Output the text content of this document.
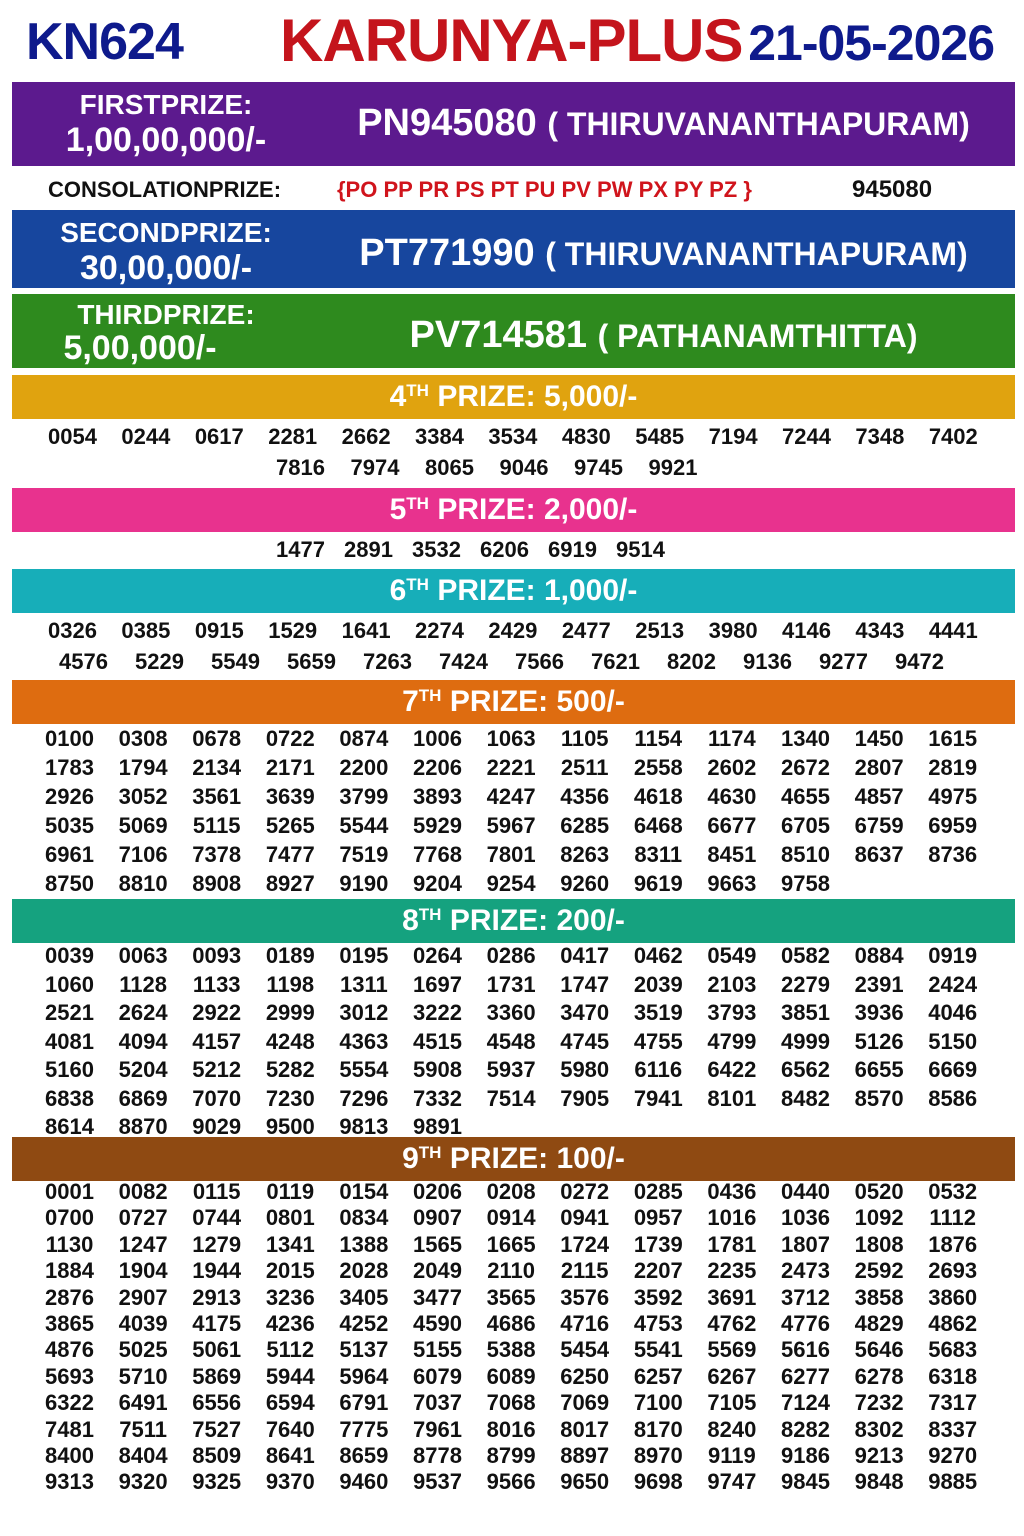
KN624 KARUNYA-PLUS 21-05-2026
FIRSTPRIZE:
1,00,00,000/-	PN945080 ( THIRUVANANTHAPURAM)
CONSOLATIONPRIZE:	{PO PP PR PS PT PU PV PW PX PY PZ }	945080
SECONDPRIZE:
30,00,000/-	PT771990 ( THIRUVANANTHAPURAM)
THIRDPRIZE:
5,00,000/-	PV714581 ( PATHANAMTHITTA)
4TH PRIZE: 5,000/-
5TH PRIZE: 2,000/-
6TH PRIZE: 1,000/-
7TH PRIZE: 500/-
8TH PRIZE: 200/-
9TH PRIZE: 100/-
0054	0244	0617	2281	2662	3384	3534	4830	5485	7194	7244	7348	7402
7816	7974	8065	9046	9745	9921
1477 2891 3532 6206 6919 9514
0326	0385	0915	1529	1641	2274	2429	2477	2513	3980	4146	4343	4441
4576	5229	5549	5659	7263	7424	7566	7621	8202	9136	9277	9472
0100	0308	0678	0722	0874	1006	1063	1105	1154	1174	1340	1450	1615
1783	1794	2134	2171	2200	2206	2221	2511	2558	2602	2672	2807	2819
2926	3052	3561	3639	3799	3893	4247	4356	4618	4630	4655	4857	4975
5035	5069	5115	5265	5544	5929	5967	6285	6468	6677	6705	6759	6959
6961	7106	7378	7477	7519	7768	7801	8263	8311	8451	8510	8637	8736
8750	8810	8908	8927	9190	9204	9254	9260	9619	9663	9758
0039	0063	0093	0189	0195	0264	0286	0417	0462	0549	0582	0884	0919
1060	1128	1133	1198	1311	1697	1731	1747	2039	2103	2279	2391	2424
2521	2624	2922	2999	3012	3222	3360	3470	3519	3793	3851	3936	4046
4081	4094	4157	4248	4363	4515	4548	4745	4755	4799	4999	5126	5150
5160	5204	5212	5282	5554	5908	5937	5980	6116	6422	6562	6655	6669
6838	6869	7070	7230	7296	7332	7514	7905	7941	8101	8482	8570	8586
8614	8870	9029	9500	9813	9891
0001	0082	0115	0119	0154	0206	0208	0272	0285	0436	0440	0520	0532
0700	0727	0744	0801	0834	0907	0914	0941	0957	1016	1036	1092	1112
1130	1247	1279	1341	1388	1565	1665	1724	1739	1781	1807	1808	1876
1884	1904	1944	2015	2028	2049	2110	2115	2207	2235	2473	2592	2693
2876	2907	2913	3236	3405	3477	3565	3576	3592	3691	3712	3858	3860
3865	4039	4175	4236	4252	4590	4686	4716	4753	4762	4776	4829	4862
4876	5025	5061	5112	5137	5155	5388	5454	5541	5569	5616	5646	5683
5693	5710	5869	5944	5964	6079	6089	6250	6257	6267	6277	6278	6318
6322	6491	6556	6594	6791	7037	7068	7069	7100	7105	7124	7232	7317
7481	7511	7527	7640	7775	7961	8016	8017	8170	8240	8282	8302	8337
8400	8404	8509	8641	8659	8778	8799	8897	8970	9119	9186	9213	9270
9313	9320	9325	9370	9460	9537	9566	9650	9698	9747	9845	9848	9885
